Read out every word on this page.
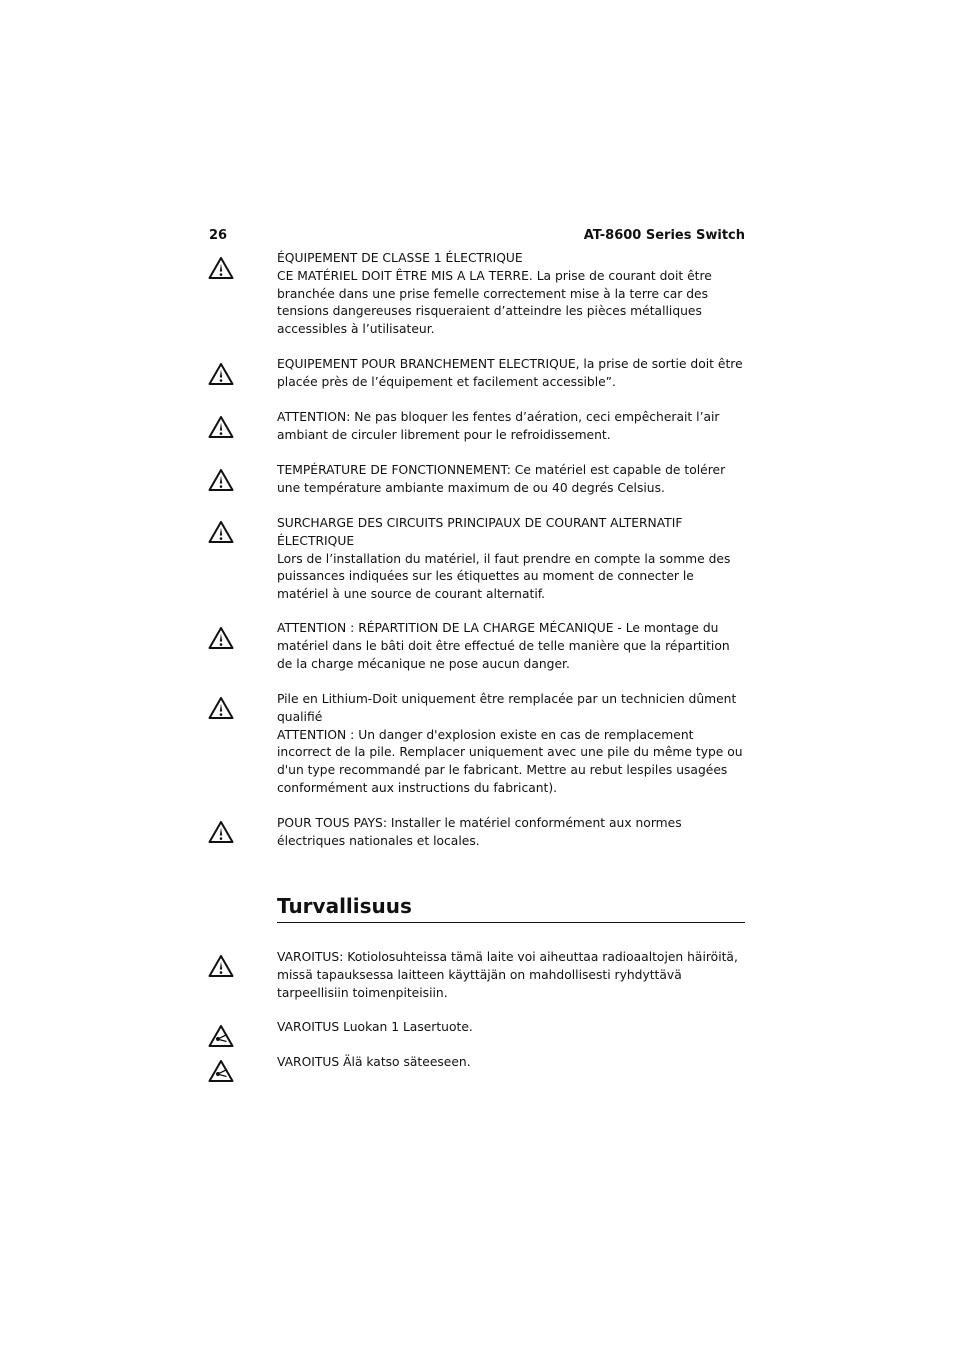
26	AT-8600 Series Switch

ÉQUIPEMENT DE CLASSE 1 ÉLECTRIQUE

CE MATÉRIEL DOIT ÊTRE MIS A LA TERRE. La prise de courant doit être branchée dans une prise femelle correctement mise à la terre car des tensions dangereuses risqueraient d’atteindre les pièces métalliques accessibles à l’utilisateur.

EQUIPEMENT POUR BRANCHEMENT ELECTRIQUE, la prise de sortie doit être placée près de l’équipement et facilement accessible”.

ATTENTION: Ne pas bloquer les fentes d’aération, ceci empêcherait l’air ambiant de circuler librement pour le refroidissement.

TEMPÉRATURE DE FONCTIONNEMENT: Ce matériel est capable de tolérer une température ambiante maximum de ou 40 degrés Celsius.

SURCHARGE DES CIRCUITS PRINCIPAUX DE COURANT ALTERNATIF ÉLECTRIQUE

Lors de l’installation du matériel, il faut prendre en compte la somme des puissances indiquées sur les étiquettes au moment de connecter le matériel à une source de courant alternatif.

ATTENTION : RÉPARTITION DE LA CHARGE MÉCANIQUE - Le montage du matériel dans le bâti doit être effectué de telle manière que la répartition de la charge mécanique ne pose aucun danger.

Pile en Lithium-Doit uniquement être remplacée par un technicien dûment qualifié

ATTENTION : Un danger d'explosion existe en cas de remplacement incorrect de la pile. Remplacer uniquement avec une pile du même type ou d'un type recommandé par le fabricant. Mettre au rebut lespiles usagées conformément aux instructions du fabricant).

POUR TOUS PAYS: Installer le matériel conformément aux normes électriques nationales et locales.

Turvallisuus

VAROITUS: Kotiolosuhteissa tämä laite voi aiheuttaa radioaaltojen häiröitä, missä tapauksessa laitteen käyttäjän on mahdollisesti ryhdyttävä tarpeellisiin toimenpiteisiin.

VAROITUS Luokan 1 Lasertuote.

VAROITUS Älä katso säteeseen.
